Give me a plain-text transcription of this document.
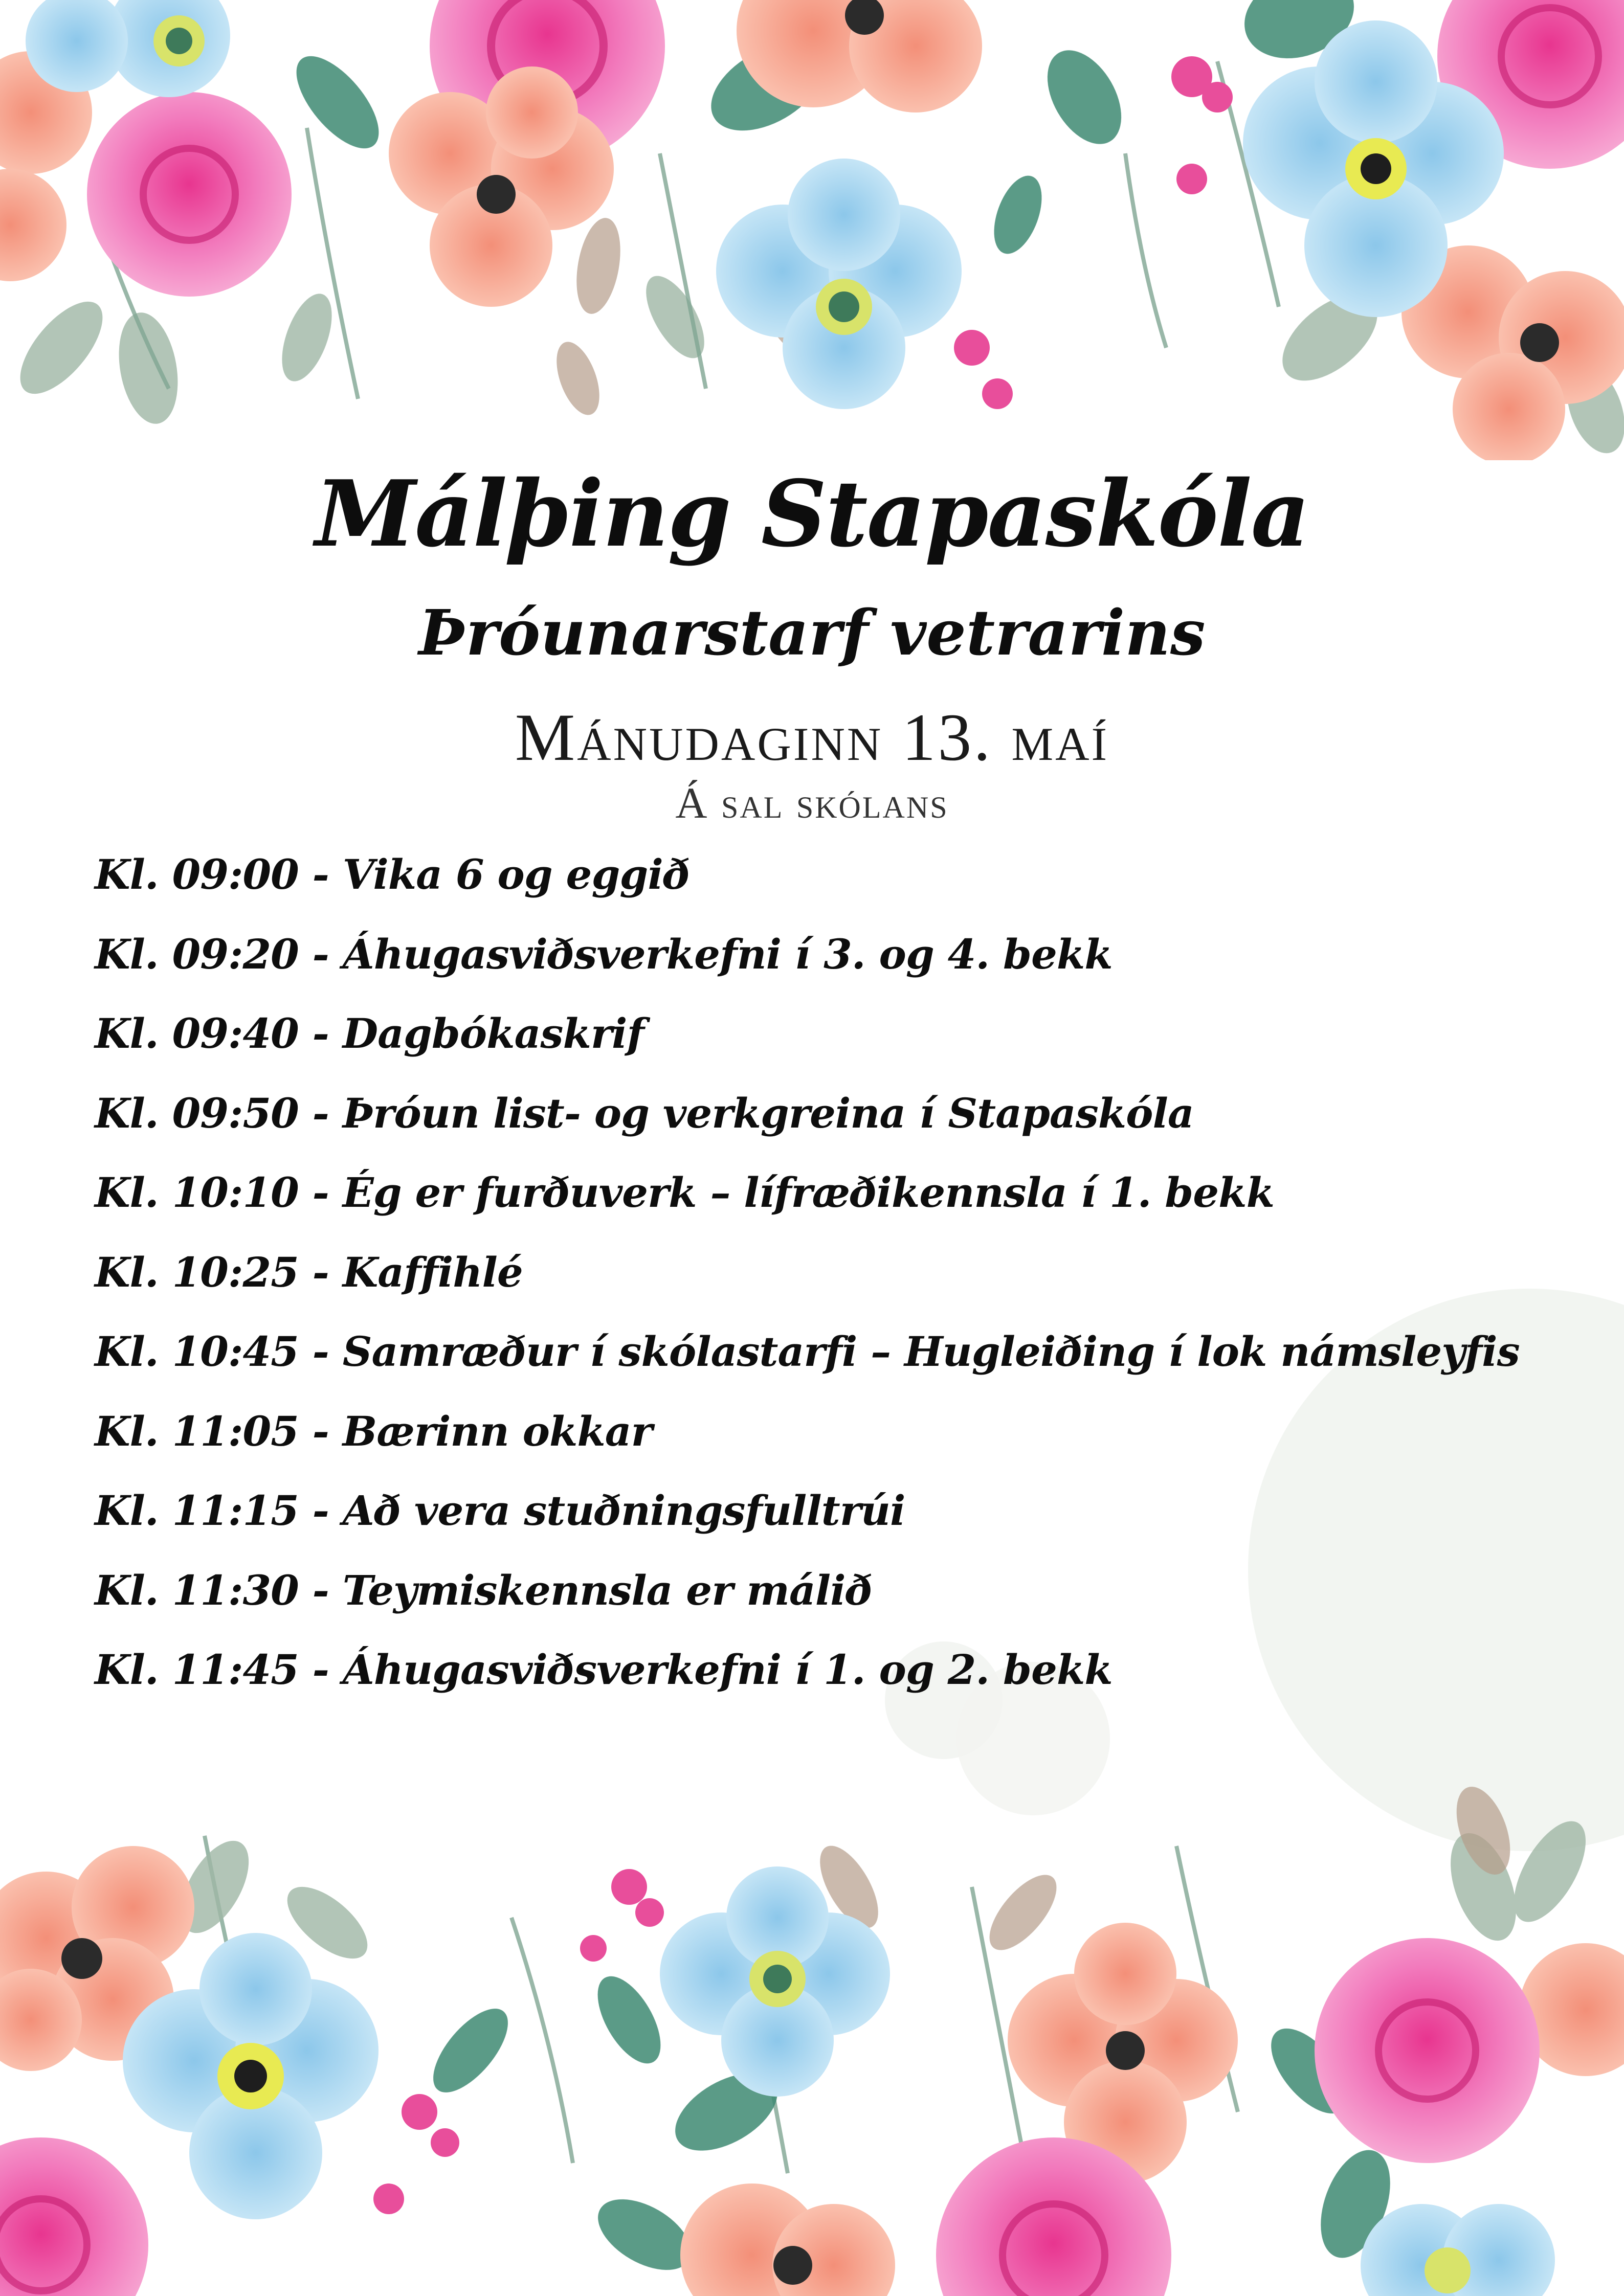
Málþing Stapaskóla
Þróunarstarf vetrarins

Mánudaginn 13. maí

Á sal skólans

Kl. 09:00 - Vika 6 og eggið
Kl. 09:20 - Áhugasviðsverkefni í 3. og 4. bekk
Kl. 09:40 - Dagbókaskrif
Kl. 09:50 - Þróun list- og verkgreina í Stapaskóla
Kl. 10:10 - Ég er furðuverk – lífræðikennsla í 1. bekk
Kl. 10:25 - Kaffihlé
Kl. 10:45 - Samræður í skólastarfi – Hugleiðing í lok námsleyfis
Kl. 11:05 - Bærinn okkar
Kl. 11:15 - Að vera stuðningsfulltrúi
Kl. 11:30 - Teymiskennsla er málið
Kl. 11:45 - Áhugasviðsverkefni í 1. og 2. bekk
